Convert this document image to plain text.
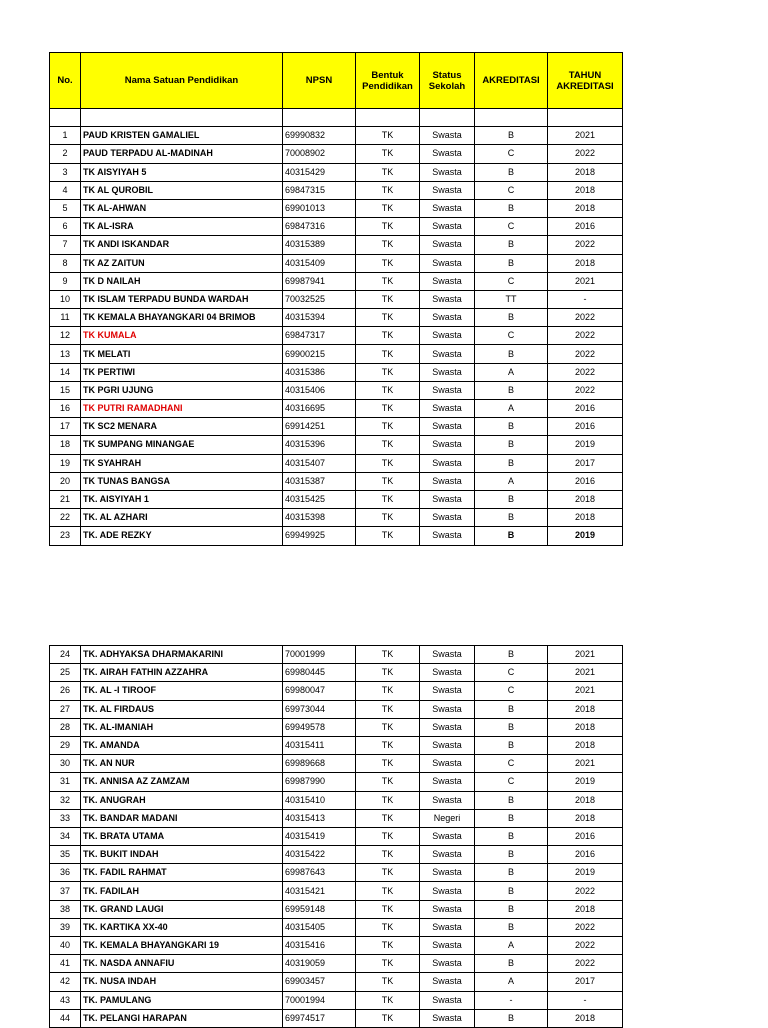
No.	Nama Satuan Pendidikan	NPSN	Bentuk Pendidikan	Status Sekolah	AKREDITASI	TAHUN AKREDITASI

1	PAUD KRISTEN GAMALIEL	69990832	TK	Swasta	B	2021
2	PAUD TERPADU AL-MADINAH	70008902	TK	Swasta	C	2022
3	TK AISYIYAH 5	40315429	TK	Swasta	B	2018
4	TK AL QUROBIL	69847315	TK	Swasta	C	2018
5	TK AL-AHWAN	69901013	TK	Swasta	B	2018
6	TK AL-ISRA	69847316	TK	Swasta	C	2016
7	TK ANDI ISKANDAR	40315389	TK	Swasta	B	2022
8	TK AZ ZAITUN	40315409	TK	Swasta	B	2018
9	TK D NAILAH	69987941	TK	Swasta	C	2021
10	TK ISLAM TERPADU BUNDA WARDAH	70032525	TK	Swasta	TT	-
11	TK KEMALA BHAYANGKARI 04 BRIMOB	40315394	TK	Swasta	B	2022
12	TK KUMALA	69847317	TK	Swasta	C	2022
13	TK MELATI	69900215	TK	Swasta	B	2022
14	TK PERTIWI	40315386	TK	Swasta	A	2022
15	TK PGRI UJUNG	40315406	TK	Swasta	B	2022
16	TK PUTRI RAMADHANI	40316695	TK	Swasta	A	2016
17	TK SC2 MENARA	69914251	TK	Swasta	B	2016
18	TK SUMPANG MINANGAE	40315396	TK	Swasta	B	2019
19	TK SYAHRAH	40315407	TK	Swasta	B	2017
20	TK TUNAS BANGSA	40315387	TK	Swasta	A	2016
21	TK. AISYIYAH 1	40315425	TK	Swasta	B	2018
22	TK. AL AZHARI	40315398	TK	Swasta	B	2018
23	TK. ADE REZKY	69949925	TK	Swasta	B	2019
24	TK. ADHYAKSA DHARMAKARINI	70001999	TK	Swasta	B	2021
25	TK. AIRAH FATHIN AZZAHRA	69980445	TK	Swasta	C	2021
26	TK. AL -I TIROOF	69980047	TK	Swasta	C	2021
27	TK. AL FIRDAUS	69973044	TK	Swasta	B	2018
28	TK. AL-IMANIAH	69949578	TK	Swasta	B	2018
29	TK. AMANDA	40315411	TK	Swasta	B	2018
30	TK. AN NUR	69989668	TK	Swasta	C	2021
31	TK. ANNISA AZ ZAMZAM	69987990	TK	Swasta	C	2019
32	TK. ANUGRAH	40315410	TK	Swasta	B	2018
33	TK. BANDAR MADANI	40315413	TK	Negeri	B	2018
34	TK. BRATA UTAMA	40315419	TK	Swasta	B	2016
35	TK. BUKIT INDAH	40315422	TK	Swasta	B	2016
36	TK. FADIL RAHMAT	69987643	TK	Swasta	B	2019
37	TK. FADILAH	40315421	TK	Swasta	B	2022
38	TK. GRAND LAUGI	69959148	TK	Swasta	B	2018
39	TK. KARTIKA XX-40	40315405	TK	Swasta	B	2022
40	TK. KEMALA BHAYANGKARI 19	40315416	TK	Swasta	A	2022
41	TK. NASDA ANNAFIU	40319059	TK	Swasta	B	2022
42	TK. NUSA INDAH	69903457	TK	Swasta	A	2017
43	TK. PAMULANG	70001994	TK	Swasta	-	-
44	TK. PELANGI HARAPAN	69974517	TK	Swasta	B	2018
